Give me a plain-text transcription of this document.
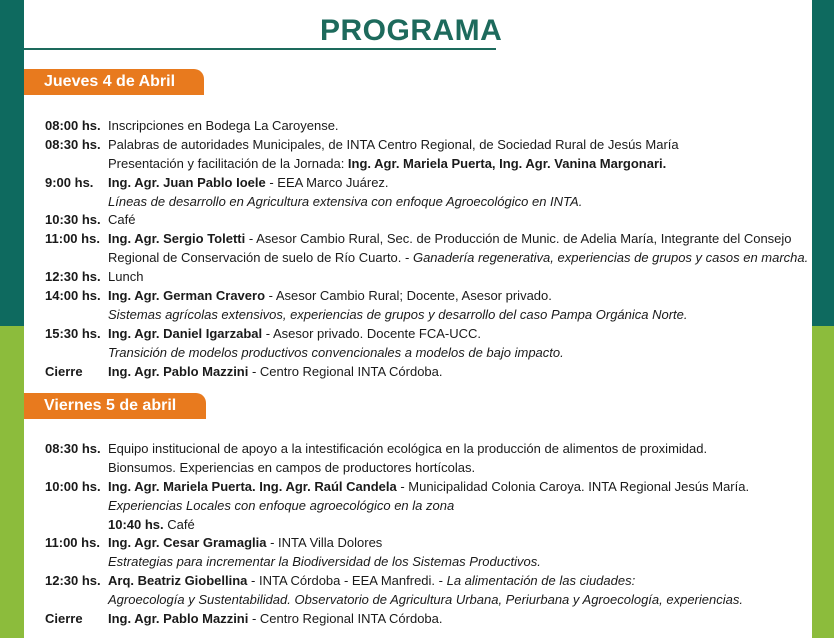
PROGRAMA
Jueves 4 de Abril
08:00 hs. Inscripciones en Bodega La Caroyense.
08:30 hs. Palabras de autoridades Municipales, de INTA Centro Regional, de Sociedad Rural de Jesús María
Presentación y facilitación de la Jornada: Ing. Agr. Mariela Puerta, Ing. Agr. Vanina Margonari.
9:00 hs. Ing. Agr. Juan Pablo Ioele - EEA Marco Juárez.
Líneas de desarrollo en Agricultura extensiva con enfoque Agroecológico en INTA.
10:30 hs. Café
11:00 hs. Ing. Agr. Sergio Toletti - Asesor Cambio Rural, Sec. de Producción de Munic. de Adelia María, Integrante del Consejo
Regional de Conservación de suelo de Río Cuarto. - Ganadería regenerativa, experiencias de grupos y casos en marcha.
12:30 hs. Lunch
14:00 hs. Ing. Agr. German Cravero - Asesor Cambio Rural; Docente, Asesor privado.
Sistemas agrícolas extensivos, experiencias de grupos y desarrollo del caso Pampa Orgánica Norte.
15:30 hs. Ing. Agr. Daniel Igarzabal - Asesor privado. Docente FCA-UCC.
Transición de modelos productivos convencionales a modelos de bajo impacto.
Cierre Ing. Agr. Pablo Mazzini - Centro Regional INTA Córdoba.
Viernes 5 de abril
08:30 hs. Equipo institucional de apoyo a la intestificación ecológica en la producción de alimentos de proximidad.
Bionsumos. Experiencias en campos de productores hortícolas.
10:00 hs. Ing. Agr. Mariela Puerta. Ing. Agr. Raúl Candela - Municipalidad Colonia Caroya. INTA Regional Jesús María.
Experiencias Locales con enfoque agroecológico en la zona
10:40 hs. Café
11:00 hs. Ing. Agr. Cesar Gramaglia - INTA Villa Dolores
Estrategias para incrementar la Biodiversidad de los Sistemas Productivos.
12:30 hs. Arq. Beatriz Giobellina - INTA Córdoba - EEA Manfredi. - La alimentación de las ciudades:
Agroecología y Sustentabilidad. Observatorio de Agricultura Urbana, Periurbana y Agroecología, experiencias.
Cierre Ing. Agr. Pablo Mazzini - Centro Regional INTA Córdoba.
